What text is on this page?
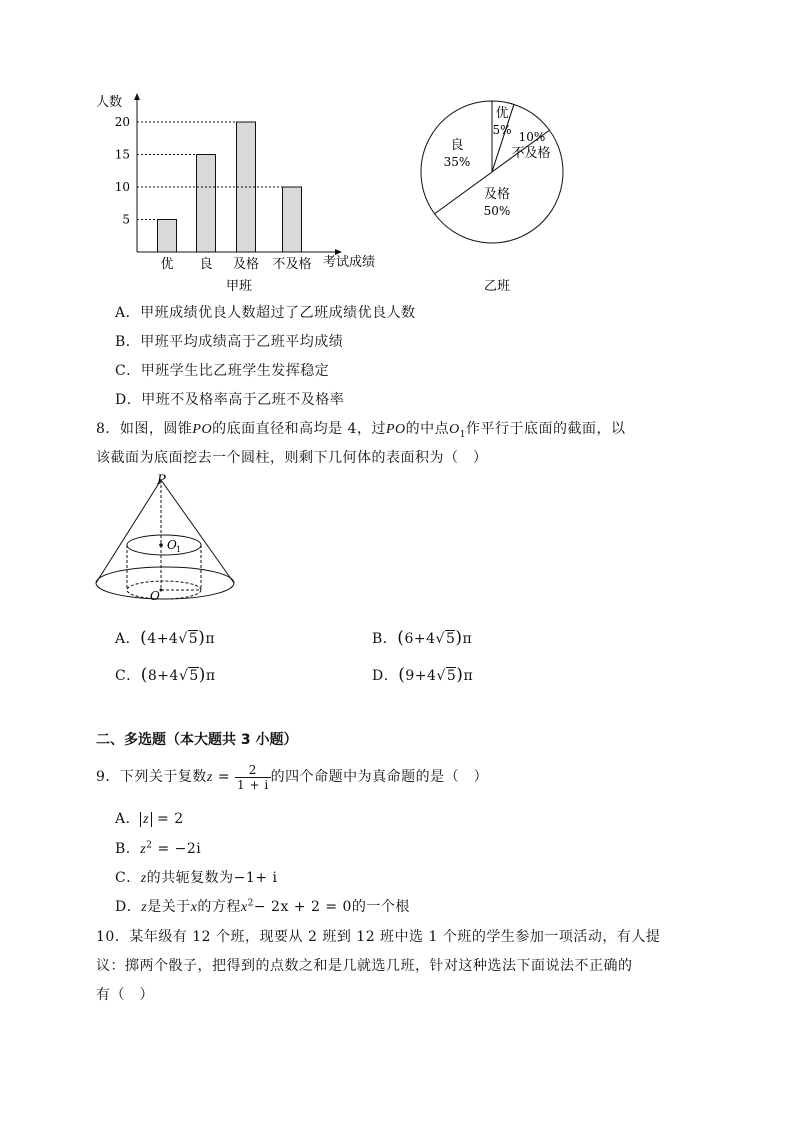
优 良 及格 不及格
5
10
15
20
人数
考试成绩
甲班
优
5% 10%
不及格
良
35%
及格
50%
乙班
A．甲班成绩优良人数超过了乙班成绩优良人数
B．甲班平均成绩高于乙班平均成绩
C．甲班学生比乙班学生发挥稳定
D．甲班不及格率高于乙班不及格率
8．如图，圆锥PO的底面直径和高均是 4，过PO的中点$O_1$作平行于底面的截面，以
该截面为底面挖去一个圆柱，则剩下几何体的表面积为（　）
P
O 1
O
A．(4+4√5)π	B．(6+4√5)π
C．(8+4√5)π	D．(9+4√5)π
二、多选题（本大题共 3 小题）
9．下列关于复数$z = \frac{2}{1 + i}$ 的四个命题中为真命题的是（　）
A． z = 2
B．$z^2 = -2i$
C．z的共轭复数为−1+ i
D．z是关于x的方程$x^2- 2x + 2 = 0$的一个根
10．某年级有 12 个班，现要从 2 班到 12 班中选 1 个班的学生参加一项活动，有人提
议：掷两个骰子，把得到的点数之和是几就选几班，针对这种选法下面说法不正确的
有（　）
